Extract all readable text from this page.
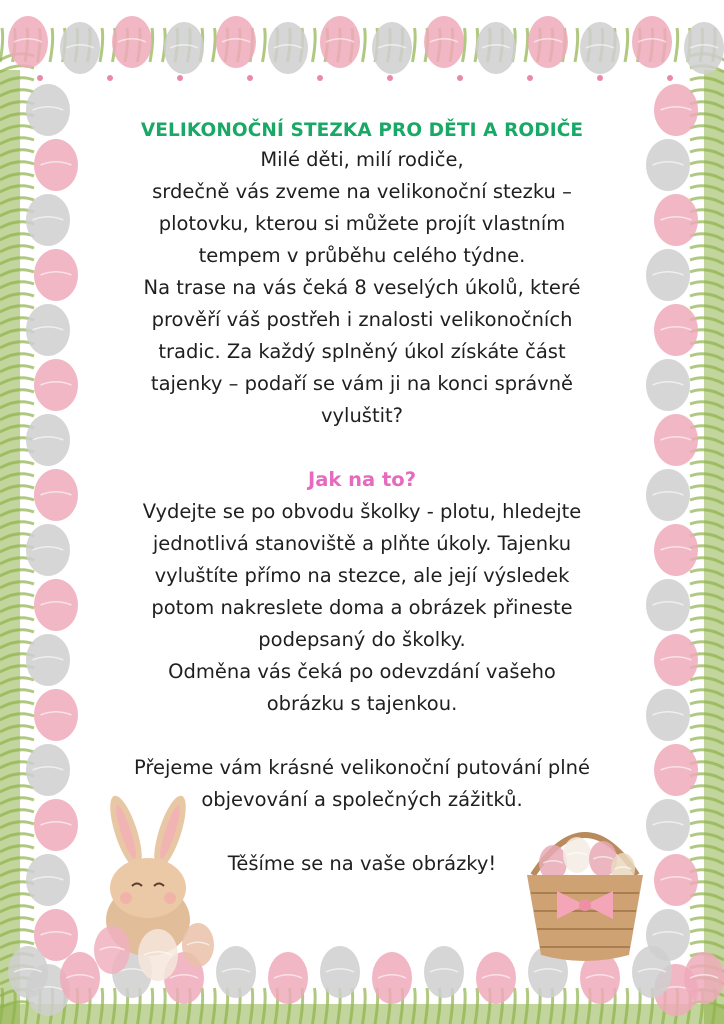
VELIKONOČNÍ STEZKA PRO DĚTI A RODIČE

Milé děti, milí rodiče,

srdečně vás zveme na velikonoční stezku –

plotovku, kterou si můžete projít vlastním

tempem v průběhu celého týdne.

Na trase na vás čeká 8 veselých úkolů, které

prověří váš postřeh i znalosti velikonočních

tradic. Za každý splněný úkol získáte část

tajenky – podaří se vám ji na konci správně

vyluštit?

Jak na to?

Vydejte se po obvodu školky - plotu, hledejte

jednotlivá stanoviště a plňte úkoly. Tajenku

vyluštíte přímo na stezce, ale její výsledek

potom nakreslete doma a obrázek přineste

podepsaný do školky.

Odměna vás čeká po odevzdání vašeho

obrázku s tajenkou.

Přejeme vám krásné velikonoční putování plné

objevování a společných zážitků.

Těšíme se na vaše obrázky!
